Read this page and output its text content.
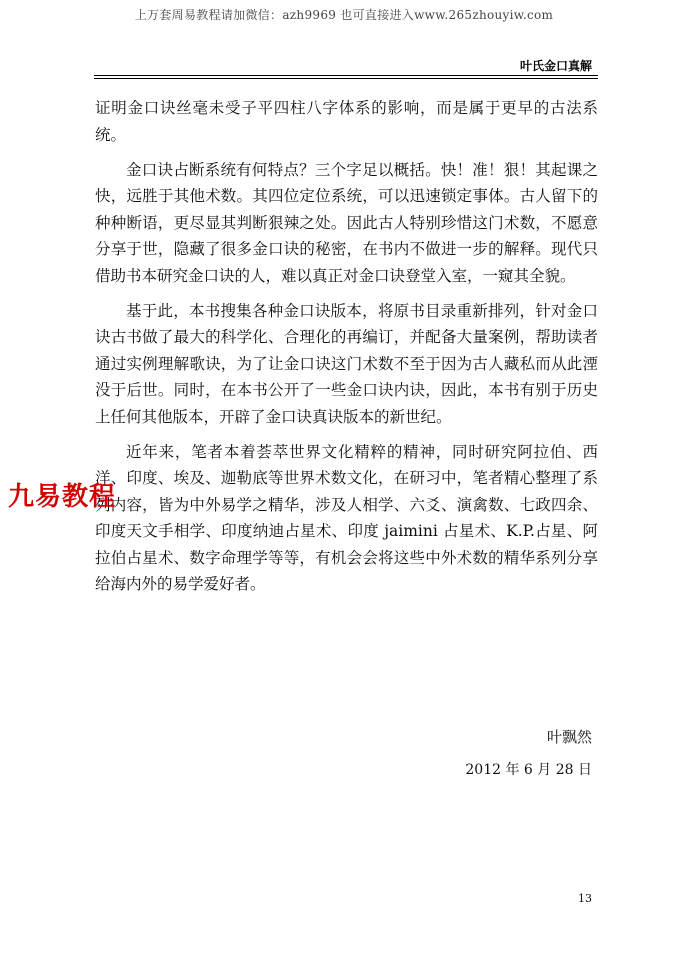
上万套周易教程请加微信：azh9969 也可直接进入www.265zhouyiw.com
叶氏金口真解

证明金口诀丝毫未受子平四柱八字体系的影响，而是属于更早的古法系统。

金口诀占断系统有何特点？三个字足以概括。快！准！狠！其起课之快，远胜于其他术数。其四位定位系统，可以迅速锁定事体。古人留下的种种断语，更尽显其判断狠辣之处。因此古人特别珍惜这门术数，不愿意分享于世，隐藏了很多金口诀的秘密，在书内不做进一步的解释。现代只借助书本研究金口诀的人，难以真正对金口诀登堂入室，一窥其全貌。

基于此，本书搜集各种金口诀版本，将原书目录重新排列，针对金口诀古书做了最大的科学化、合理化的再编订，并配备大量案例，帮助读者通过实例理解歌诀，为了让金口诀这门术数不至于因为古人藏私而从此湮没于后世。同时，在本书公开了一些金口诀内诀，因此，本书有别于历史上任何其他版本，开辟了金口诀真诀版本的新世纪。

近年来，笔者本着荟萃世界文化精粹的精神，同时研究阿拉伯、西洋、印度、埃及、迦勒底等世界术数文化，在研习中，笔者精心整理了系列内容，皆为中外易学之精华，涉及人相学、六爻、演禽数、七政四余、印度天文手相学、印度纳迪占星术、印度 jaimini 占星术、K.P.占星、阿拉伯占星术、数字命理学等等，有机会会将这些中外术数的精华系列分享给海内外的易学爱好者。

叶飘然
2012 年 6 月 28 日
13
九易教程
